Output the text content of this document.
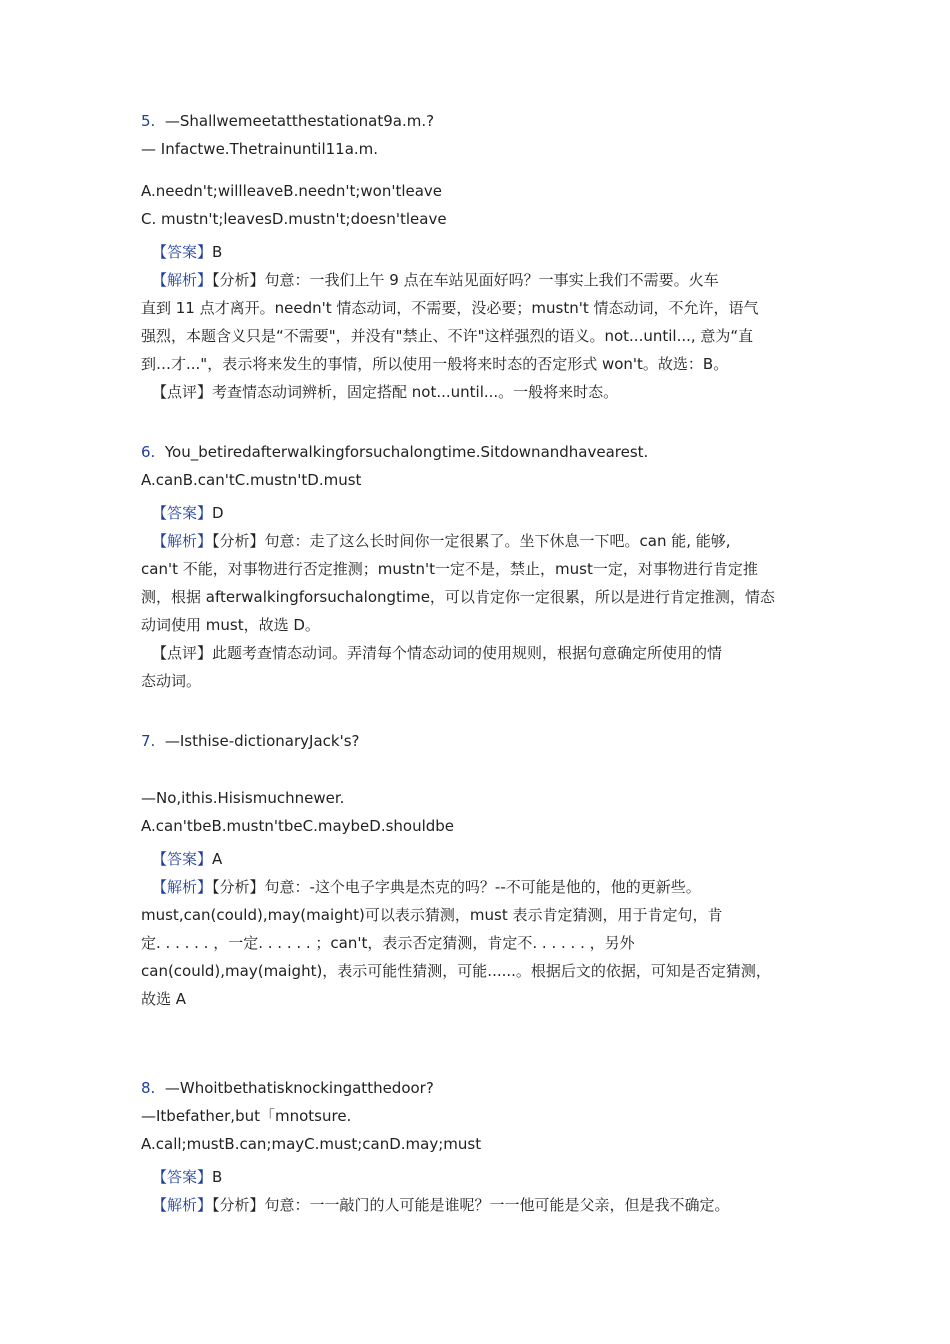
5. —Shallwemeetatthestationat9a.m.?
— Infactwe.Thetrainuntil11a.m.
A.needn't;willleaveB.needn't;won'tleave
C. mustn't;leavesD.mustn't;doesn'tleave
【答案】B
【解析】【分析】句意：一我们上午 9 点在车站见面好吗？一事实上我们不需要。火车
直到 11 点才离开。needn't 情态动词，不需要，没必要；mustn't 情态动词，不允许，语气
强烈，本题含义只是“不需要"，并没有"禁止、不许"这样强烈的语义。not...until..., 意为“直
到…才..."，表示将来发生的事情，所以使用一般将来时态的否定形式 won't。故选：B。
【点评】考查情态动词辨析，固定搭配 not...until...。一般将来时态。
6. You_betiredafterwalkingforsuchalongtime.Sitdownandhavearest.
A.canB.can'tC.mustn'tD.must
【答案】D
【解析】【分析】句意：走了这么长时间你一定很累了。坐下休息一下吧。can 能, 能够,
can't 不能，对事物进行否定推测；mustn't一定不是，禁止，must一定，对事物进行肯定推
测，根据 afterwalkingforsuchalongtime，可以肯定你一定很累，所以是进行肯定推测，情态
动词使用 must，故选 D。
【点评】此题考查情态动词。弄清每个情态动词的使用规则，根据句意确定所使用的情
态动词。
7. —Isthise-dictionaryJack's?
—No,ithis.Hisismuchnewer.
A.can'tbeB.mustn'tbeC.maybeD.shouldbe
【答案】A
【解析】【分析】句意：-这个电子字典是杰克的吗？--不可能是他的，他的更新些。
must,can(could),may(maight)可以表示猜测，must 表示肯定猜测，用于肯定句，肯
定. . . . . . ，一定. . . . . . ；can't，表示否定猜测，肯定不. . . . . . ，另外
can(could),may(maight)，表示可能性猜测，可能......。根据后文的依据，可知是否定猜测，
故选 A
8. —Whoitbethatisknockingatthedoor?
—Itbefather,but「mnotsure.
A.call;mustB.can;mayC.must;canD.may;must
【答案】B
【解析】【分析】句意：一一敲门的人可能是谁呢？一一他可能是父亲，但是我不确定。
